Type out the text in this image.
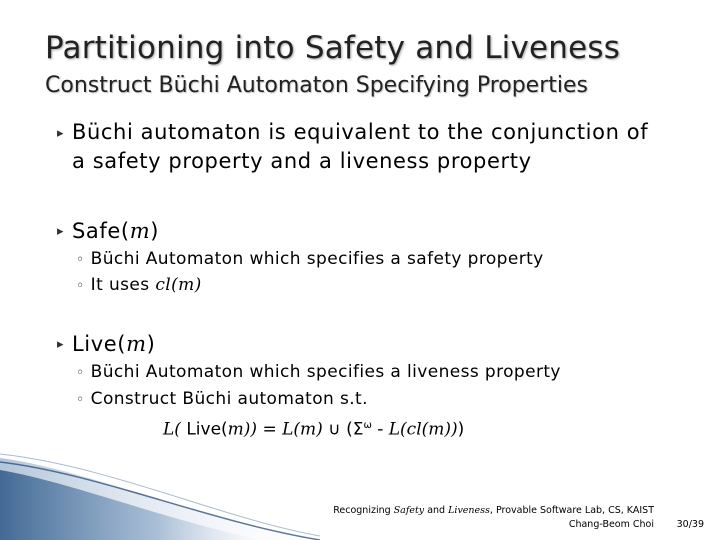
Partitioning into Safety and Liveness
Construct Büchi Automaton Specifying Properties
▸ Büchi automaton is equivalent to the conjunction of
a safety property and a liveness property
▸ Safe(m)
◦ Büchi Automaton which specifies a safety property
◦ It uses cl(m)
▸ Live(m)
◦ Büchi Automaton which specifies a liveness property
◦ Construct Büchi automaton s.t.
L( Live(m)) = L(m) ∪ $(\Sigma^\omega - L(cl(m)))$
Recognizing Safety and Liveness, Provable Software Lab, CS, KAIST
Chang-Beom Choi 30/39
